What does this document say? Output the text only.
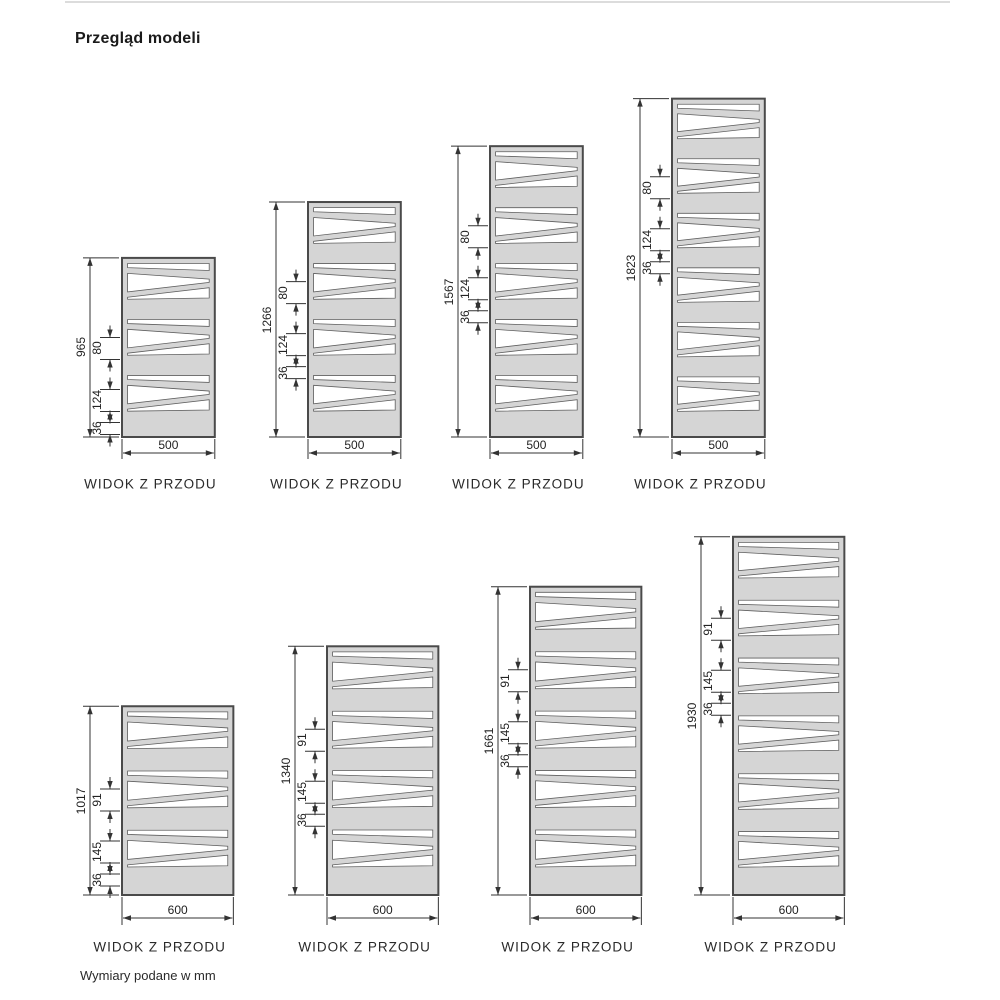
Przegląd modeli
965 80
124
36
500
WIDOK Z PRZODU
1266
80
124
36
500
WIDOK Z PRZODU
1567
80
124
36
500
WIDOK Z PRZODU
1823
80
124
36
500
WIDOK Z PRZODU
1017 91
145
36
600
WIDOK Z PRZODU
1340
91
145
36
600
WIDOK Z PRZODU
1661
91
145
36
600
WIDOK Z PRZODU
1930
91
145
36
600
WIDOK Z PRZODU
Wymiary podane w mm
